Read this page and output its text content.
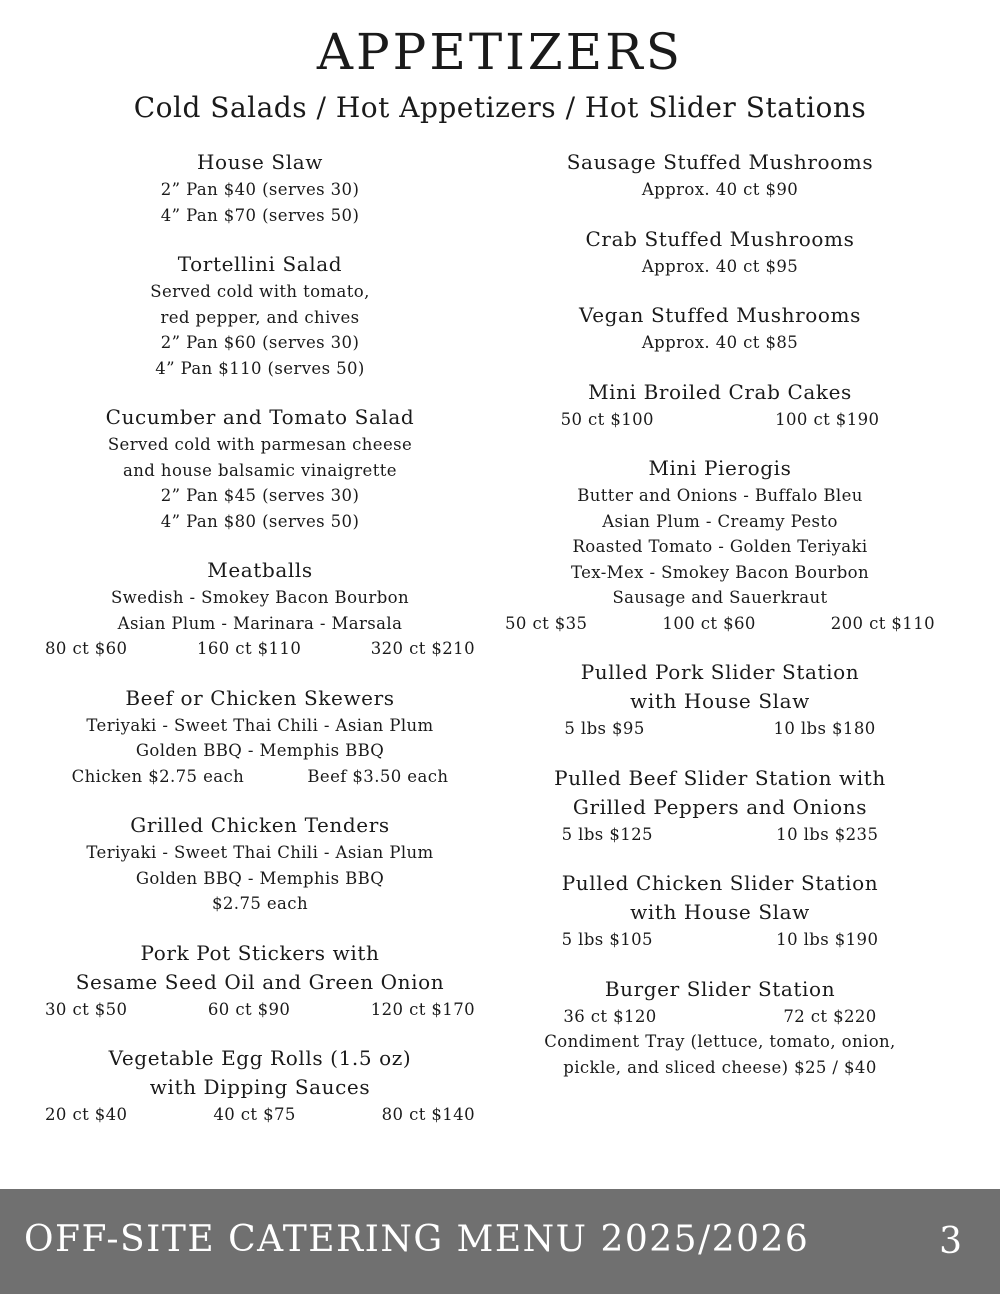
APPETIZERS
Cold Salads / Hot Appetizers / Hot Slider Stations
House Slaw
2” Pan $40 (serves 30)
4” Pan $70 (serves 50)
Tortellini Salad
Served cold with tomato,
red pepper, and chives
2” Pan $60 (serves 30)
4” Pan $110 (serves 50)
Cucumber and Tomato Salad
Served cold with parmesan cheese
and house balsamic vinaigrette
2” Pan $45 (serves 30)
4” Pan $80 (serves 50)
Meatballs
Swedish - Smokey Bacon Bourbon
Asian Plum - Marinara - Marsala
80 ct $60	160 ct $110	320 ct $210
Beef or Chicken Skewers
Teriyaki - Sweet Thai Chili - Asian Plum
Golden BBQ - Memphis BBQ
Chicken $2.75 each	Beef $3.50 each
Grilled Chicken Tenders
Teriyaki - Sweet Thai Chili - Asian Plum
Golden BBQ - Memphis BBQ
$2.75 each
Pork Pot Stickers with
Sesame Seed Oil and Green Onion
30 ct $50	60 ct $90	120 ct $170
Vegetable Egg Rolls (1.5 oz)
with Dipping Sauces
20 ct $40	40 ct $75	80 ct $140
Sausage Stuffed Mushrooms
Approx. 40 ct $90
Crab Stuffed Mushrooms
Approx. 40 ct $95
Vegan Stuffed Mushrooms
Approx. 40 ct $85
Mini Broiled Crab Cakes
50 ct $100	100 ct $190
Mini Pierogis
Butter and Onions - Buffalo Bleu
Asian Plum - Creamy Pesto
Roasted Tomato - Golden Teriyaki
Tex-Mex - Smokey Bacon Bourbon
Sausage and Sauerkraut
50 ct $35	100 ct $60	200 ct $110
Pulled Pork Slider Station
with House Slaw
5 lbs $95	10 lbs $180
Pulled Beef Slider Station with
Grilled Peppers and Onions
5 lbs $125	10 lbs $235
Pulled Chicken Slider Station
with House Slaw
5 lbs $105	10 lbs $190
Burger Slider Station
36 ct $120	72 ct $220
Condiment Tray (lettuce, tomato, onion,
pickle, and sliced cheese) $25 / $40
OFF-SITE CATERING MENU 2025/2026	3
